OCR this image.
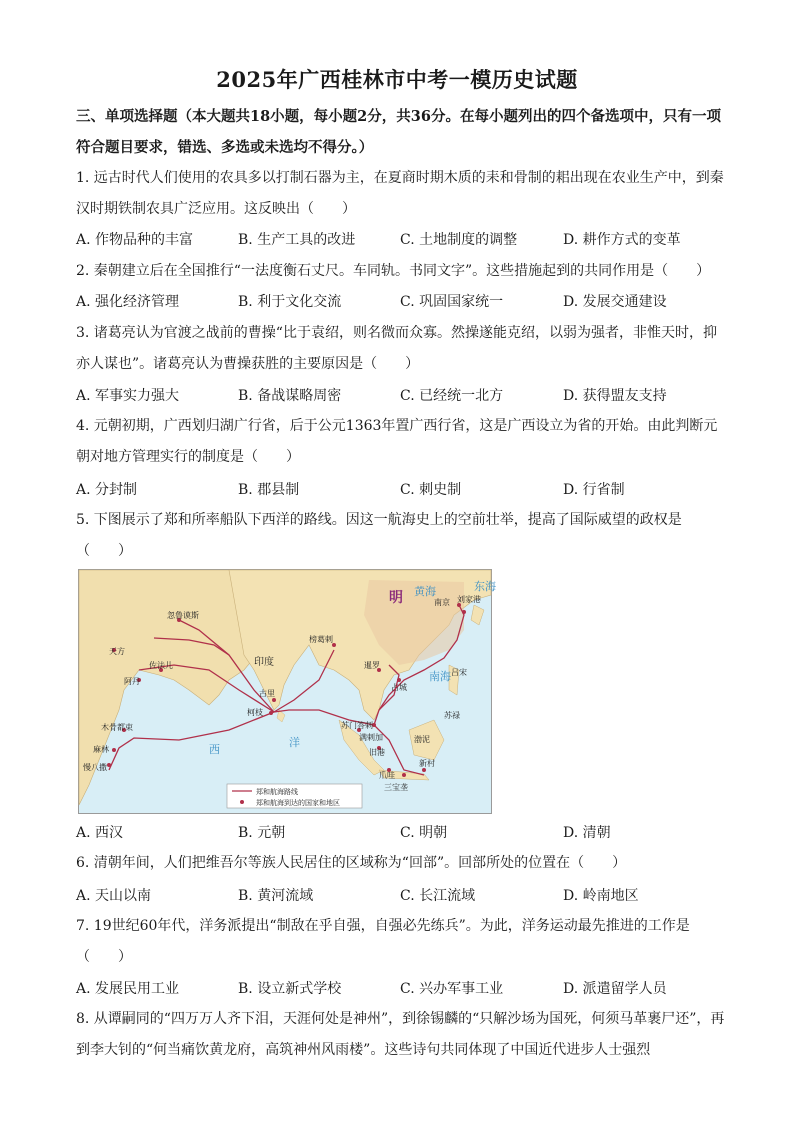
2025年广西桂林市中考一模历史试题
三、单项选择题（本大题共18小题，每小题2分，共36分。在每小题列出的四个备选项中，只有一项符合题目要求，错选、多选或未选均不得分。）
1. 远古时代人们使用的农具多以打制石器为主，在夏商时期木质的耒和骨制的耜出现在农业生产中，到秦汉时期铁制农具广泛应用。这反映出（　　）
A. 作物品种的丰富	B. 生产工具的改进	C. 土地制度的调整	D. 耕作方式的变革
2. 秦朝建立后在全国推行“一法度衡石丈尺。车同轨。书同文字”。这些措施起到的共同作用是（　　）
A. 强化经济管理	B. 利于文化交流	C. 巩固国家统一	D. 发展交通建设
3. 诸葛亮认为官渡之战前的曹操“比于袁绍，则名微而众寡。然操遂能克绍，以弱为强者，非惟天时，抑亦人谋也”。诸葛亮认为曹操获胜的主要原因是（　　）
A. 军事实力强大	B. 备战谋略周密	C. 已经统一北方	D. 获得盟友支持
4. 元朝初期，广西划归湖广行省，后于公元1363年置广西行省，这是广西设立为省的开始。由此判断元朝对地方管理实行的制度是（　　）
A. 分封制	B. 郡县制	C. 刺史制	D. 行省制
5. 下图展示了郑和所率船队下西洋的路线。因这一航海史上的空前壮举，提高了国际威望的政权是（　　）
黄海	东海
南海
西
洋
印度
明	南京 刘家港
忽鲁谟斯
天方
佐法儿
阿丹
榜葛剌
古里
柯枝
木骨都束
麻林
慢八撒
暹罗
占城
吕宋
满剌加
苏门答剌
旧港
爪哇
三宝垄
新村
苏禄
渤泥
郑和航海路线
郑和航海到达的国家和地区
A. 西汉	B. 元朝	C. 明朝	D. 清朝
6. 清朝年间，人们把维吾尔等族人民居住的区域称为“回部”。回部所处的位置在（　　）
A. 天山以南	B. 黄河流域	C. 长江流域	D. 岭南地区
7. 19世纪60年代，洋务派提出“制敌在乎自强，自强必先练兵”。为此，洋务运动最先推进的工作是（　　）
A. 发展民用工业	B. 设立新式学校	C. 兴办军事工业	D. 派遣留学人员
8. 从谭嗣同的“四万万人齐下泪，天涯何处是神州”，到徐锡麟的“只解沙场为国死，何须马革裹尸还”，再到李大钊的“何当痛饮黄龙府，高筑神州风雨楼”。这些诗句共同体现了中国近代进步人士强烈
